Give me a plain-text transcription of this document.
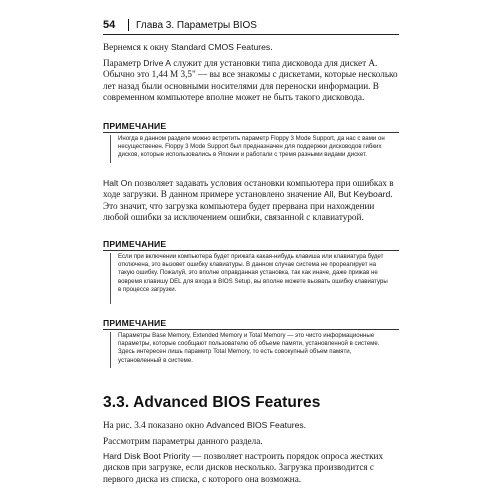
54 Глава 3. Параметры BIOS
Вернемся к окну Standard CMOS Features.
Параметр Drive A служит для установки типа дисковода для дискет A. Обычно это 1,44 M 3,5" — вы все знакомы с дискетами, которые несколько лет назад были основными носителями для переноски информации. В современном компьютере вполне может не быть такого дисковода.
ПРИМЕЧАНИЕ
Иногда в данном разделе можно встретить параметр Floppy 3 Mode Support, да нас с вами он несущественен. Floppy 3 Mode Support был предназначен для поддержки дисководов гибких дисков, которые использовались в Японии и работали с тремя разными видами дискет.
Halt On позволяет задавать условия остановки компьютера при ошибках в ходе загрузки. В данном примере установлено значение All, But Keyboard. Это значит, что загрузка компьютера будет прервана при нахождении любой ошибки за исключением ошибки, связанной с клавиатурой.
ПРИМЕЧАНИЕ
Если при включении компьютера будет прижата какая-нибудь клавиша или клавиатура будет отключена, это вызовет ошибку клавиатуры. В данном случае система не прореагирует на такую ошибку. Пожалуй, это вполне оправданная установка, так как иначе, даже прижав не вовремя клавишу DEL для входа в BIOS Setup, вы вполне можете вызвать ошибку клавиатуры в процессе загрузки.
ПРИМЕЧАНИЕ
Параметры Base Memory, Extended Memory и Total Memory — это чисто информационные параметры, которые сообщают пользователю об объеме памяти, установленной в системе. Здесь интересен лишь параметр Total Memory, то есть совокупный объем памяти, установленный в системе.
3.3. Advanced BIOS Features
На рис. 3.4 показано окно Advanced BIOS Features.
Рассмотрим параметры данного раздела.
Hard Disk Boot Priority — позволяет настроить порядок опроса жестких дисков при загрузке, если дисков несколько. Загрузка производится с первого диска из списка, с которого она возможна.
